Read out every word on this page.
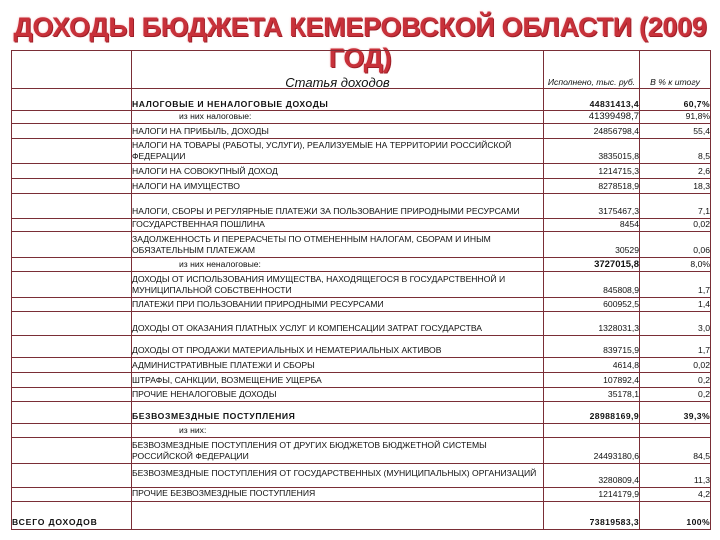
ДОХОДЫ БЮДЖЕТА КЕМЕРОВСКОЙ ОБЛАСТИ (2009 ГОД)
	Статья доходов	Исполнено, тыс. руб.	В % к итогу
	НАЛОГОВЫЕ И НЕНАЛОГОВЫЕ ДОХОДЫ	44831413,4	60,7%
	из них налоговые:	41399498,7	91,8%
	НАЛОГИ НА ПРИБЫЛЬ, ДОХОДЫ	24856798,4	55,4
	НАЛОГИ НА ТОВАРЫ (РАБОТЫ, УСЛУГИ), РЕАЛИЗУЕМЫЕ НА ТЕРРИТОРИИ РОССИЙСКОЙ ФЕДЕРАЦИИ	3835015,8	8,5
	НАЛОГИ НА СОВОКУПНЫЙ ДОХОД	1214715,3	2,6
	НАЛОГИ НА ИМУЩЕСТВО	8278518,9	18,3
	НАЛОГИ, СБОРЫ И РЕГУЛЯРНЫЕ ПЛАТЕЖИ ЗА ПОЛЬЗОВАНИЕ ПРИРОДНЫМИ РЕСУРСАМИ	3175467,3	7,1
	ГОСУДАРСТВЕННАЯ ПОШЛИНА	8454	0,02
	ЗАДОЛЖЕННОСТЬ И ПЕРЕРАСЧЕТЫ ПО ОТМЕНЕННЫМ НАЛОГАМ, СБОРАМ И ИНЫМ ОБЯЗАТЕЛЬНЫМ ПЛАТЕЖАМ	30529	0,06
	из них неналоговые:	3727015,8	8,0%
	ДОХОДЫ ОТ ИСПОЛЬЗОВАНИЯ ИМУЩЕСТВА, НАХОДЯЩЕГОСЯ В ГОСУДАРСТВЕННОЙ И МУНИЦИПАЛЬНОЙ СОБСТВЕННОСТИ	845808,9	1,7
	ПЛАТЕЖИ ПРИ ПОЛЬЗОВАНИИ ПРИРОДНЫМИ РЕСУРСАМИ	600952,5	1,4
	ДОХОДЫ ОТ ОКАЗАНИЯ ПЛАТНЫХ УСЛУГ И КОМПЕНСАЦИИ ЗАТРАТ ГОСУДАРСТВА	1328031,3	3,0
	ДОХОДЫ ОТ ПРОДАЖИ МАТЕРИАЛЬНЫХ И НЕМАТЕРИАЛЬНЫХ АКТИВОВ	839715,9	1,7
	АДМИНИСТРАТИВНЫЕ ПЛАТЕЖИ И СБОРЫ	4614,8	0,02
	ШТРАФЫ, САНКЦИИ, ВОЗМЕЩЕНИЕ УЩЕРБА	107892,4	0,2
	ПРОЧИЕ НЕНАЛОГОВЫЕ ДОХОДЫ	35178,1	0,2
	БЕЗВОЗМЕЗДНЫЕ ПОСТУПЛЕНИЯ	28988169,9	39,3%
	из них:		
	БЕЗВОЗМЕЗДНЫЕ ПОСТУПЛЕНИЯ ОТ ДРУГИХ БЮДЖЕТОВ БЮДЖЕТНОЙ СИСТЕМЫ РОССИЙСКОЙ ФЕДЕРАЦИИ	24493180,6	84,5
	БЕЗВОЗМЕЗДНЫЕ ПОСТУПЛЕНИЯ ОТ ГОСУДАРСТВЕННЫХ (МУНИЦИПАЛЬНЫХ) ОРГАНИЗАЦИЙ	3280809,4	11,3
	ПРОЧИЕ БЕЗВОЗМЕЗДНЫЕ ПОСТУПЛЕНИЯ	1214179,9	4,2
ВСЕГО ДОХОДОВ		73819583,3	100%
